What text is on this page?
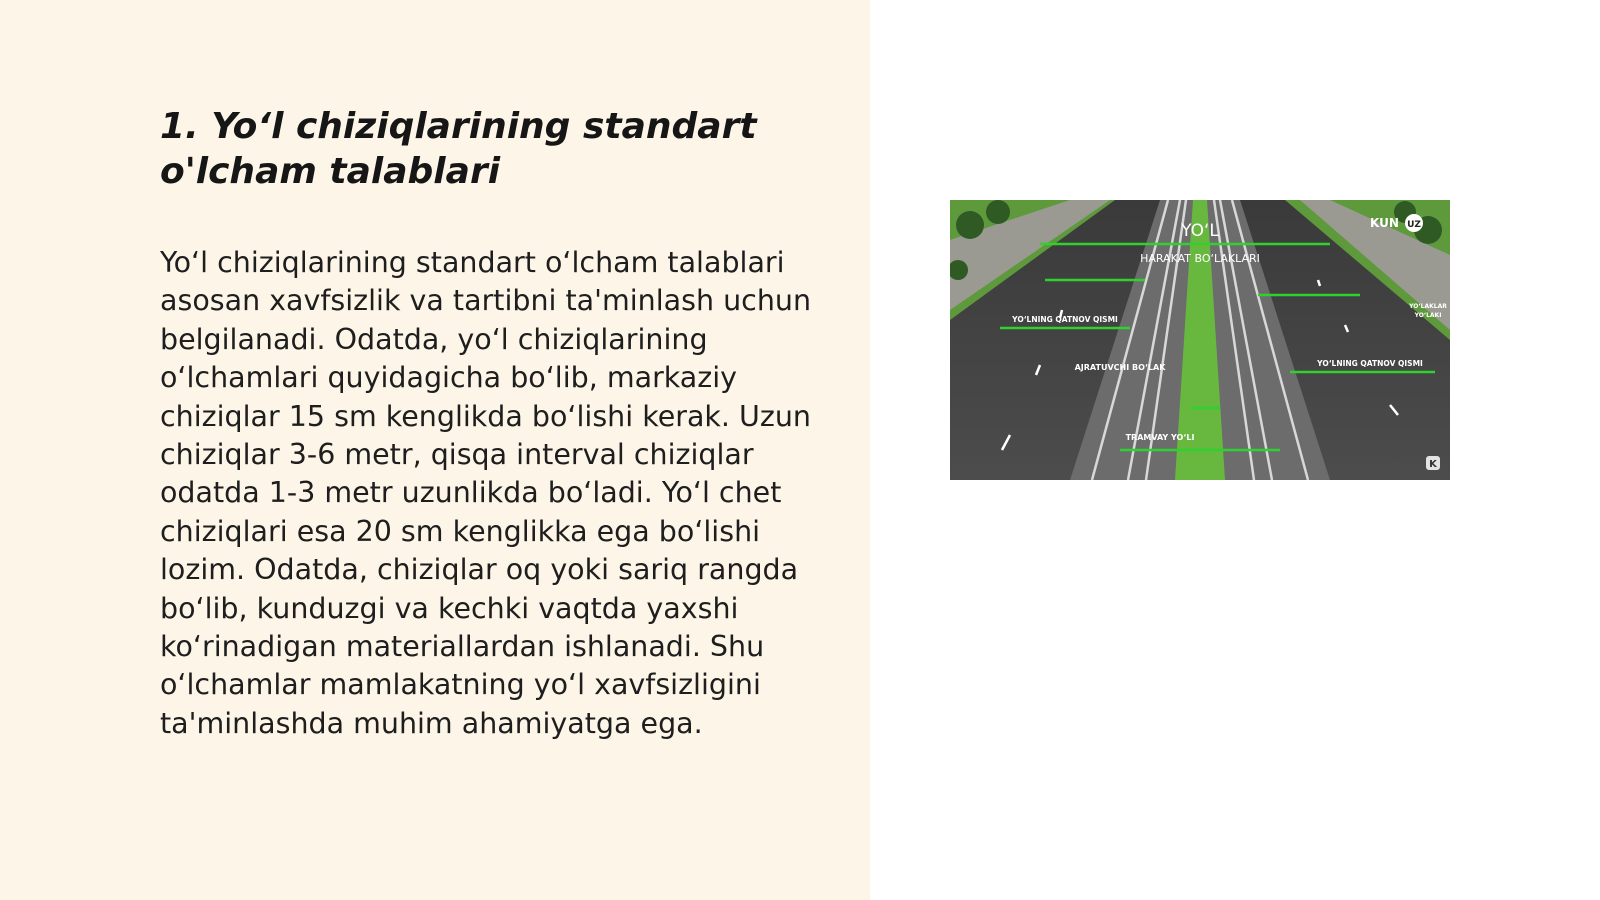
1. Yo‘l chiziqlarining standart o'lcham talablari

Yo‘l chiziqlarining standart o‘lcham talablari asosan xavfsizlik va tartibni ta'minlash uchun belgilanadi. Odatda, yo‘l chiziqlarining o‘lchamlari quyidagicha bo‘lib, markaziy chiziqlar 15 sm kenglikda bo‘lishi kerak. Uzun chiziqlar 3-6 metr, qisqa interval chiziqlar odatda 1-3 metr uzunlikda bo‘ladi. Yo‘l chet chiziqlari esa 20 sm kenglikka ega bo‘lishi lozim. Odatda, chiziqlar oq yoki sariq rangda bo‘lib, kunduzgi va kechki vaqtda yaxshi ko‘rinadigan materiallardan ishlanadi. Shu o‘lchamlar mamlakatning yo‘l xavfsizligini ta'minlashda muhim ahamiyatga ega.

YO‘L
HARAKAT BO‘LAKLARI
YO‘LNING QATNOV QISMI
AJRATUVCHI BO‘LAK	YO‘LNING QATNOV QISMI
TRAMVAY YO‘LI
YO‘LAKLAR
YO‘LAKI
KUN UZ
K
